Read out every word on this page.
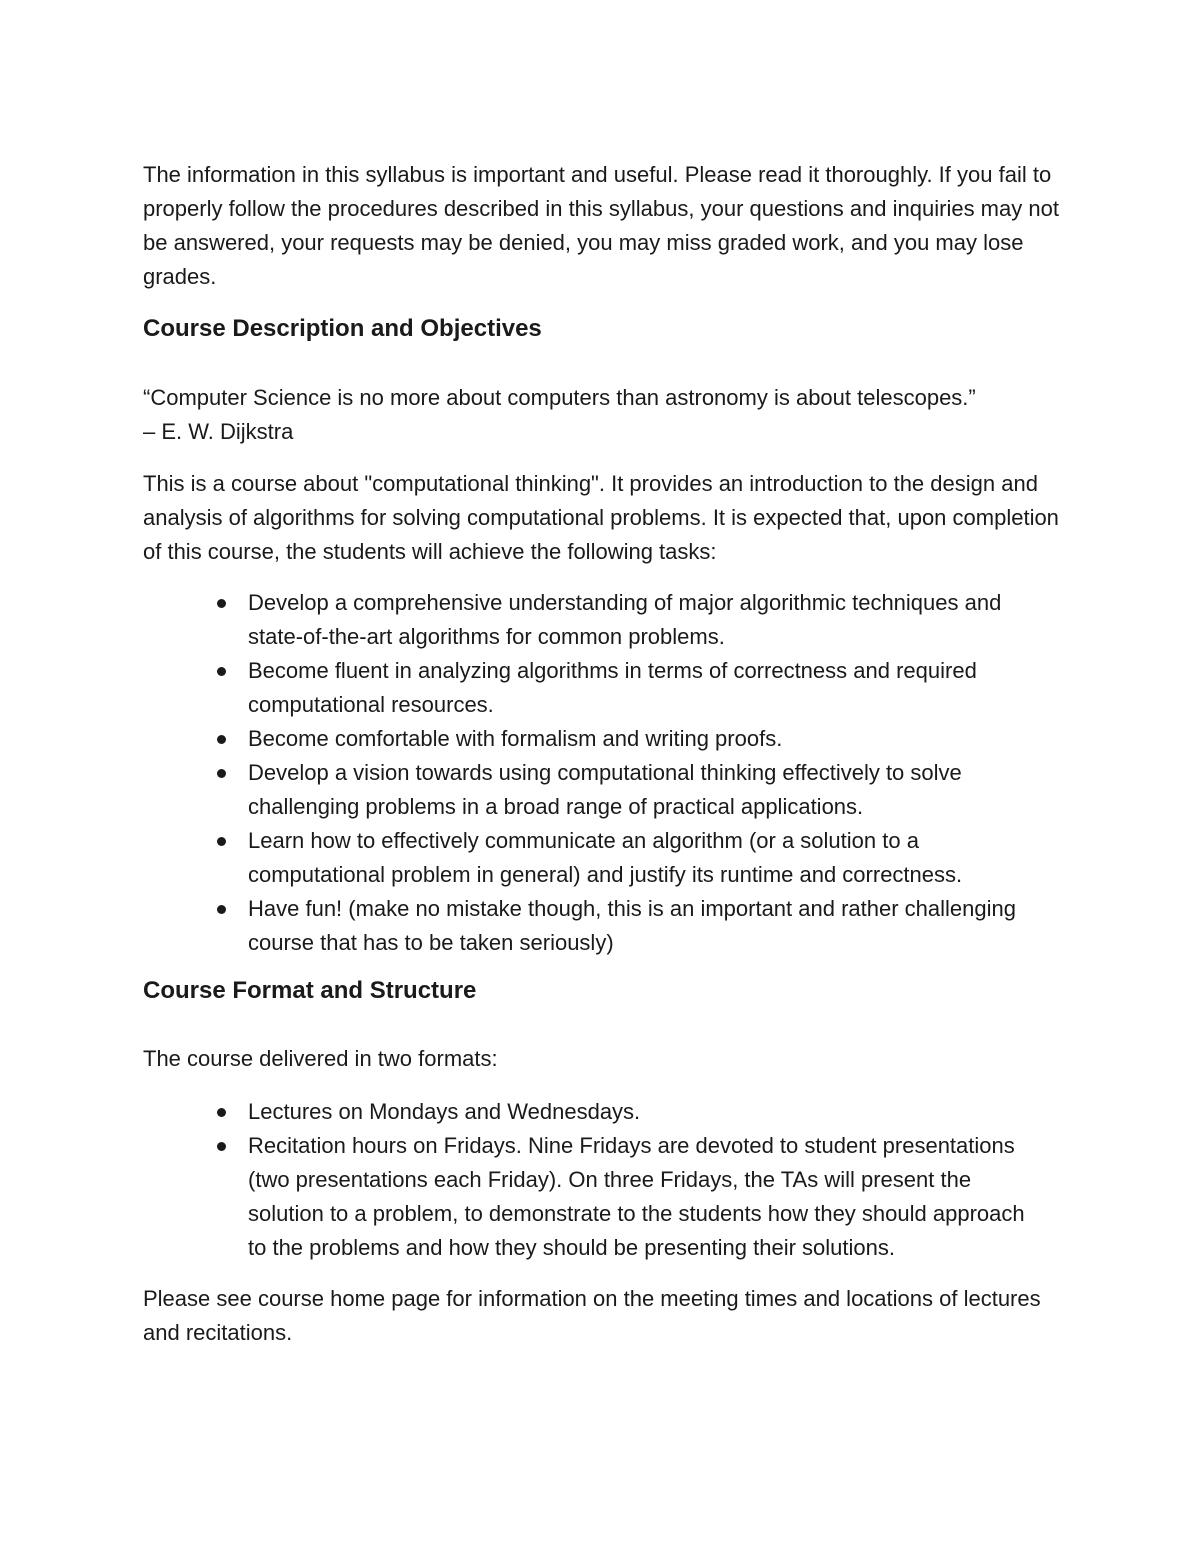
The information in this syllabus is important and useful. Please read it thoroughly. If you fail to properly follow the procedures described in this syllabus, your questions and inquiries may not be answered, your requests may be denied, you may miss graded work, and you may lose grades.

Course Description and Objectives

“Computer Science is no more about computers than astronomy is about telescopes.”
– E. W. Dijkstra

This is a course about "computational thinking". It provides an introduction to the design and analysis of algorithms for solving computational problems. It is expected that, upon completion of this course, the students will achieve the following tasks:

Develop a comprehensive understanding of major algorithmic techniques and state-of-the-art algorithms for common problems.
Become fluent in analyzing algorithms in terms of correctness and required computational resources.
Become comfortable with formalism and writing proofs.
Develop a vision towards using computational thinking effectively to solve challenging problems in a broad range of practical applications.
Learn how to effectively communicate an algorithm (or a solution to a computational problem in general) and justify its runtime and correctness.
Have fun! (make no mistake though, this is an important and rather challenging course that has to be taken seriously)
Course Format and Structure

The course delivered in two formats:

Lectures on Mondays and Wednesdays.
Recitation hours on Fridays. Nine Fridays are devoted to student presentations (two presentations each Friday). On three Fridays, the TAs will present the solution to a problem, to demonstrate to the students how they should approach to the problems and how they should be presenting their solutions.

Please see course home page for information on the meeting times and locations of lectures and recitations.
